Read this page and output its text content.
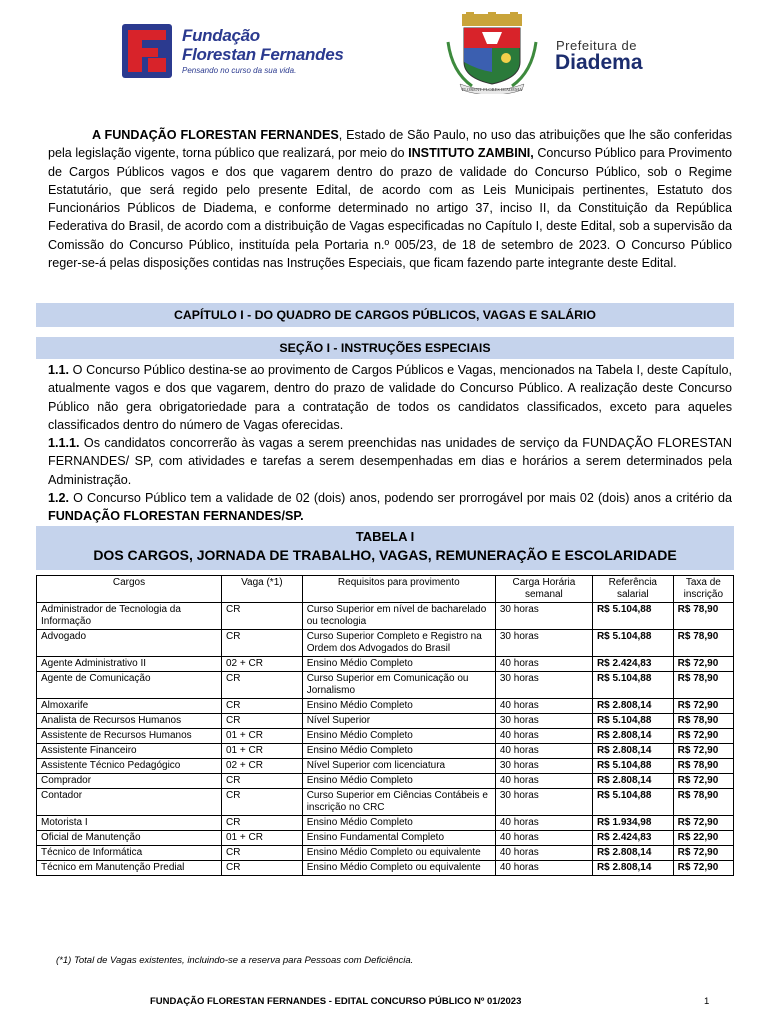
Fundação
Florestan Fernandes
Pensando no curso da sua vida.
FLORENT FLORES DIADEMA
Prefeitura de
Diadema
A FUNDAÇÃO FLORESTAN FERNANDES, Estado de São Paulo, no uso das atribuições que lhe são conferidas pela legislação vigente, torna público que realizará, por meio do INSTITUTO ZAMBINI, Concurso Público para Provimento de Cargos Públicos vagos e dos que vagarem dentro do prazo de validade do Concurso Público, sob o Regime Estatutário, que será regido pelo presente Edital, de acordo com as Leis Municipais pertinentes, Estatuto dos Funcionários Públicos de Diadema, e conforme determinado no artigo 37, inciso II, da Constituição da República Federativa do Brasil, de acordo com a distribuição de Vagas especificadas no Capítulo I, deste Edital, sob a supervisão da Comissão do Concurso Público, instituída pela Portaria n.º 005/23, de 18 de setembro de 2023. O Concurso Público reger-se-á pelas disposições contidas nas Instruções Especiais, que ficam fazendo parte integrante deste Edital.
CAPÍTULO I - DO QUADRO DE CARGOS PÚBLICOS, VAGAS E SALÁRIO
SEÇÃO I - INSTRUÇÕES ESPECIAIS
1.1. O Concurso Público destina-se ao provimento de Cargos Públicos e Vagas, mencionados na Tabela I, deste Capítulo, atualmente vagos e dos que vagarem, dentro do prazo de validade do Concurso Público. A realização deste Concurso Público não gera obrigatoriedade para a contratação de todos os candidatos classificados, exceto para aqueles classificados dentro do número de Vagas oferecidas.
1.1.1. Os candidatos concorrerão às vagas a serem preenchidas nas unidades de serviço da FUNDAÇÃO FLORESTAN FERNANDES/ SP, com atividades e tarefas a serem desempenhadas em dias e horários a serem determinados pela Administração.
1.2. O Concurso Público tem a validade de 02 (dois) anos, podendo ser prorrogável por mais 02 (dois) anos a critério da FUNDAÇÃO FLORESTAN FERNANDES/SP.
TABELA I
DOS CARGOS, JORNADA DE TRABALHO, VAGAS, REMUNERAÇÃO E ESCOLARIDADE
Cargos	Vaga (*1)	Requisitos para provimento	Carga Horária semanal	Referência salarial	Taxa de inscrição
Administrador de Tecnologia da Informação	CR	Curso Superior em nível de bacharelado ou tecnologia	30 horas	R$ 5.104,88	R$ 78,90
Advogado	CR	Curso Superior Completo e Registro na Ordem dos Advogados do Brasil	30 horas	R$ 5.104,88	R$ 78,90
Agente Administrativo II	02 + CR	Ensino Médio Completo	40 horas	R$ 2.424,83	R$ 72,90
Agente de Comunicação	CR	Curso Superior em Comunicação ou Jornalismo	30 horas	R$ 5.104,88	R$ 78,90
Almoxarife	CR	Ensino Médio Completo	40 horas	R$ 2.808,14	R$ 72,90
Analista de Recursos Humanos	CR	Nível Superior	30 horas	R$ 5.104,88	R$ 78,90
Assistente de Recursos Humanos	01 + CR	Ensino Médio Completo	40 horas	R$ 2.808,14	R$ 72,90
Assistente Financeiro	01 + CR	Ensino Médio Completo	40 horas	R$ 2.808,14	R$ 72,90
Assistente Técnico Pedagógico	02 + CR	Nível Superior com licenciatura	30 horas	R$ 5.104,88	R$ 78,90
Comprador	CR	Ensino Médio Completo	40 horas	R$ 2.808,14	R$ 72,90
Contador	CR	Curso Superior em Ciências Contábeis e inscrição no CRC	30 horas	R$ 5.104,88	R$ 78,90
Motorista I	CR	Ensino Médio Completo	40 horas	R$ 1.934,98	R$ 72,90
Oficial de Manutenção	01 + CR	Ensino Fundamental Completo	40 horas	R$ 2.424,83	R$ 22,90
Técnico de Informática	CR	Ensino Médio Completo ou equivalente	40 horas	R$ 2.808,14	R$ 72,90
Técnico em Manutenção Predial	CR	Ensino Médio Completo ou equivalente	40 horas	R$ 2.808,14	R$ 72,90
(*1) Total de Vagas existentes, incluindo-se a reserva para Pessoas com Deficiência.
FUNDAÇÃO FLORESTAN FERNANDES - EDITAL CONCURSO PÚBLICO Nº 01/2023	1
